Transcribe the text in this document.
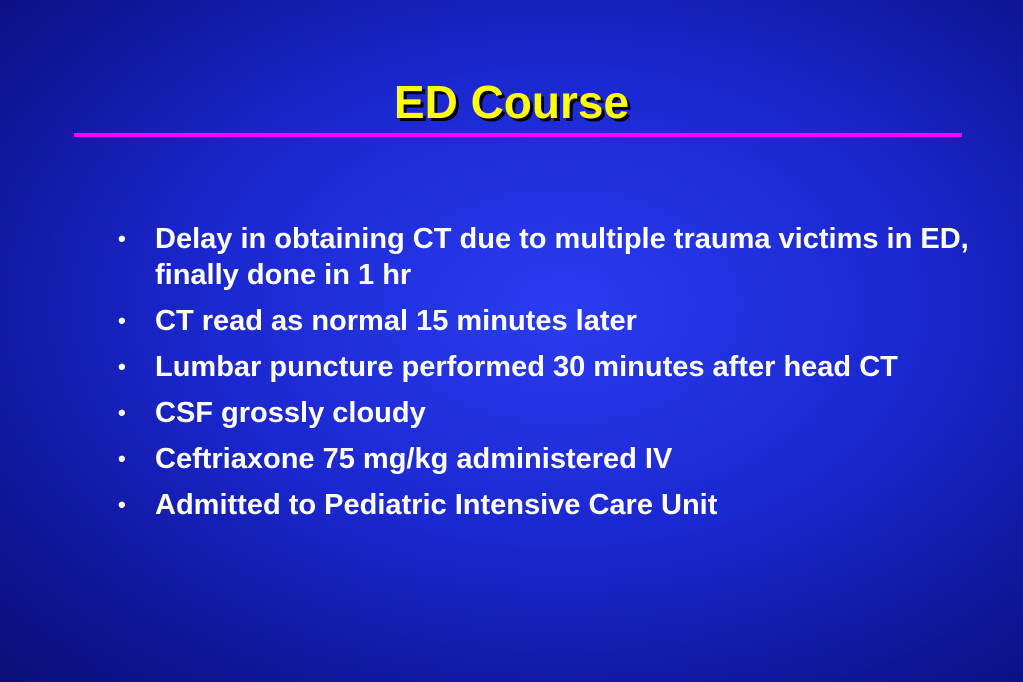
ED Course
• Delay in obtaining CT due to multiple trauma victims in ED, finally done in 1 hr
• CT read as normal 15 minutes later
• Lumbar puncture performed 30 minutes after head CT
• CSF grossly cloudy
• Ceftriaxone 75 mg/kg administered IV
• Admitted to Pediatric Intensive Care Unit
